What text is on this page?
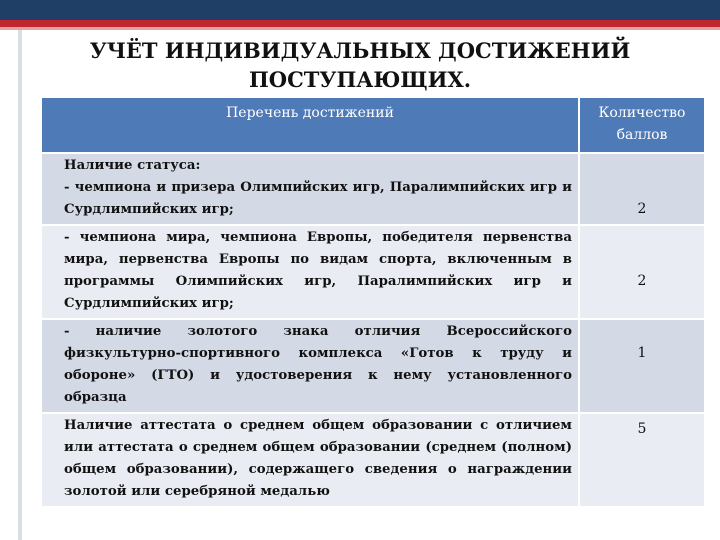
УЧЁТ ИНДИВИДУАЛЬНЫХ ДОСТИЖЕНИЙ
ПОСТУПАЮЩИХ.
Перечень достижений	Количество баллов

Наличие статуса:
- чемпиона и призера Олимпийских игр, Паралимпийских игр и Сурдлимпийских игр;	2

- чемпиона мира, чемпиона Европы, победителя первенства мира, первенства Европы по видам спорта, включенным в программы Олимпийских игр, Паралимпийских игр и Сурдлимпийских игр;	2

- наличие золотого знака отличия Всероссийского физкультурно-спортивного комплекса «Готов к труду и обороне» (ГТО) и удостоверения к нему установленного образца	1

Наличие аттестата о среднем общем образовании с отличием или аттестата о среднем общем образовании (среднем (полном) общем образовании), содержащего сведения о награждении золотой или серебряной медалью	5
